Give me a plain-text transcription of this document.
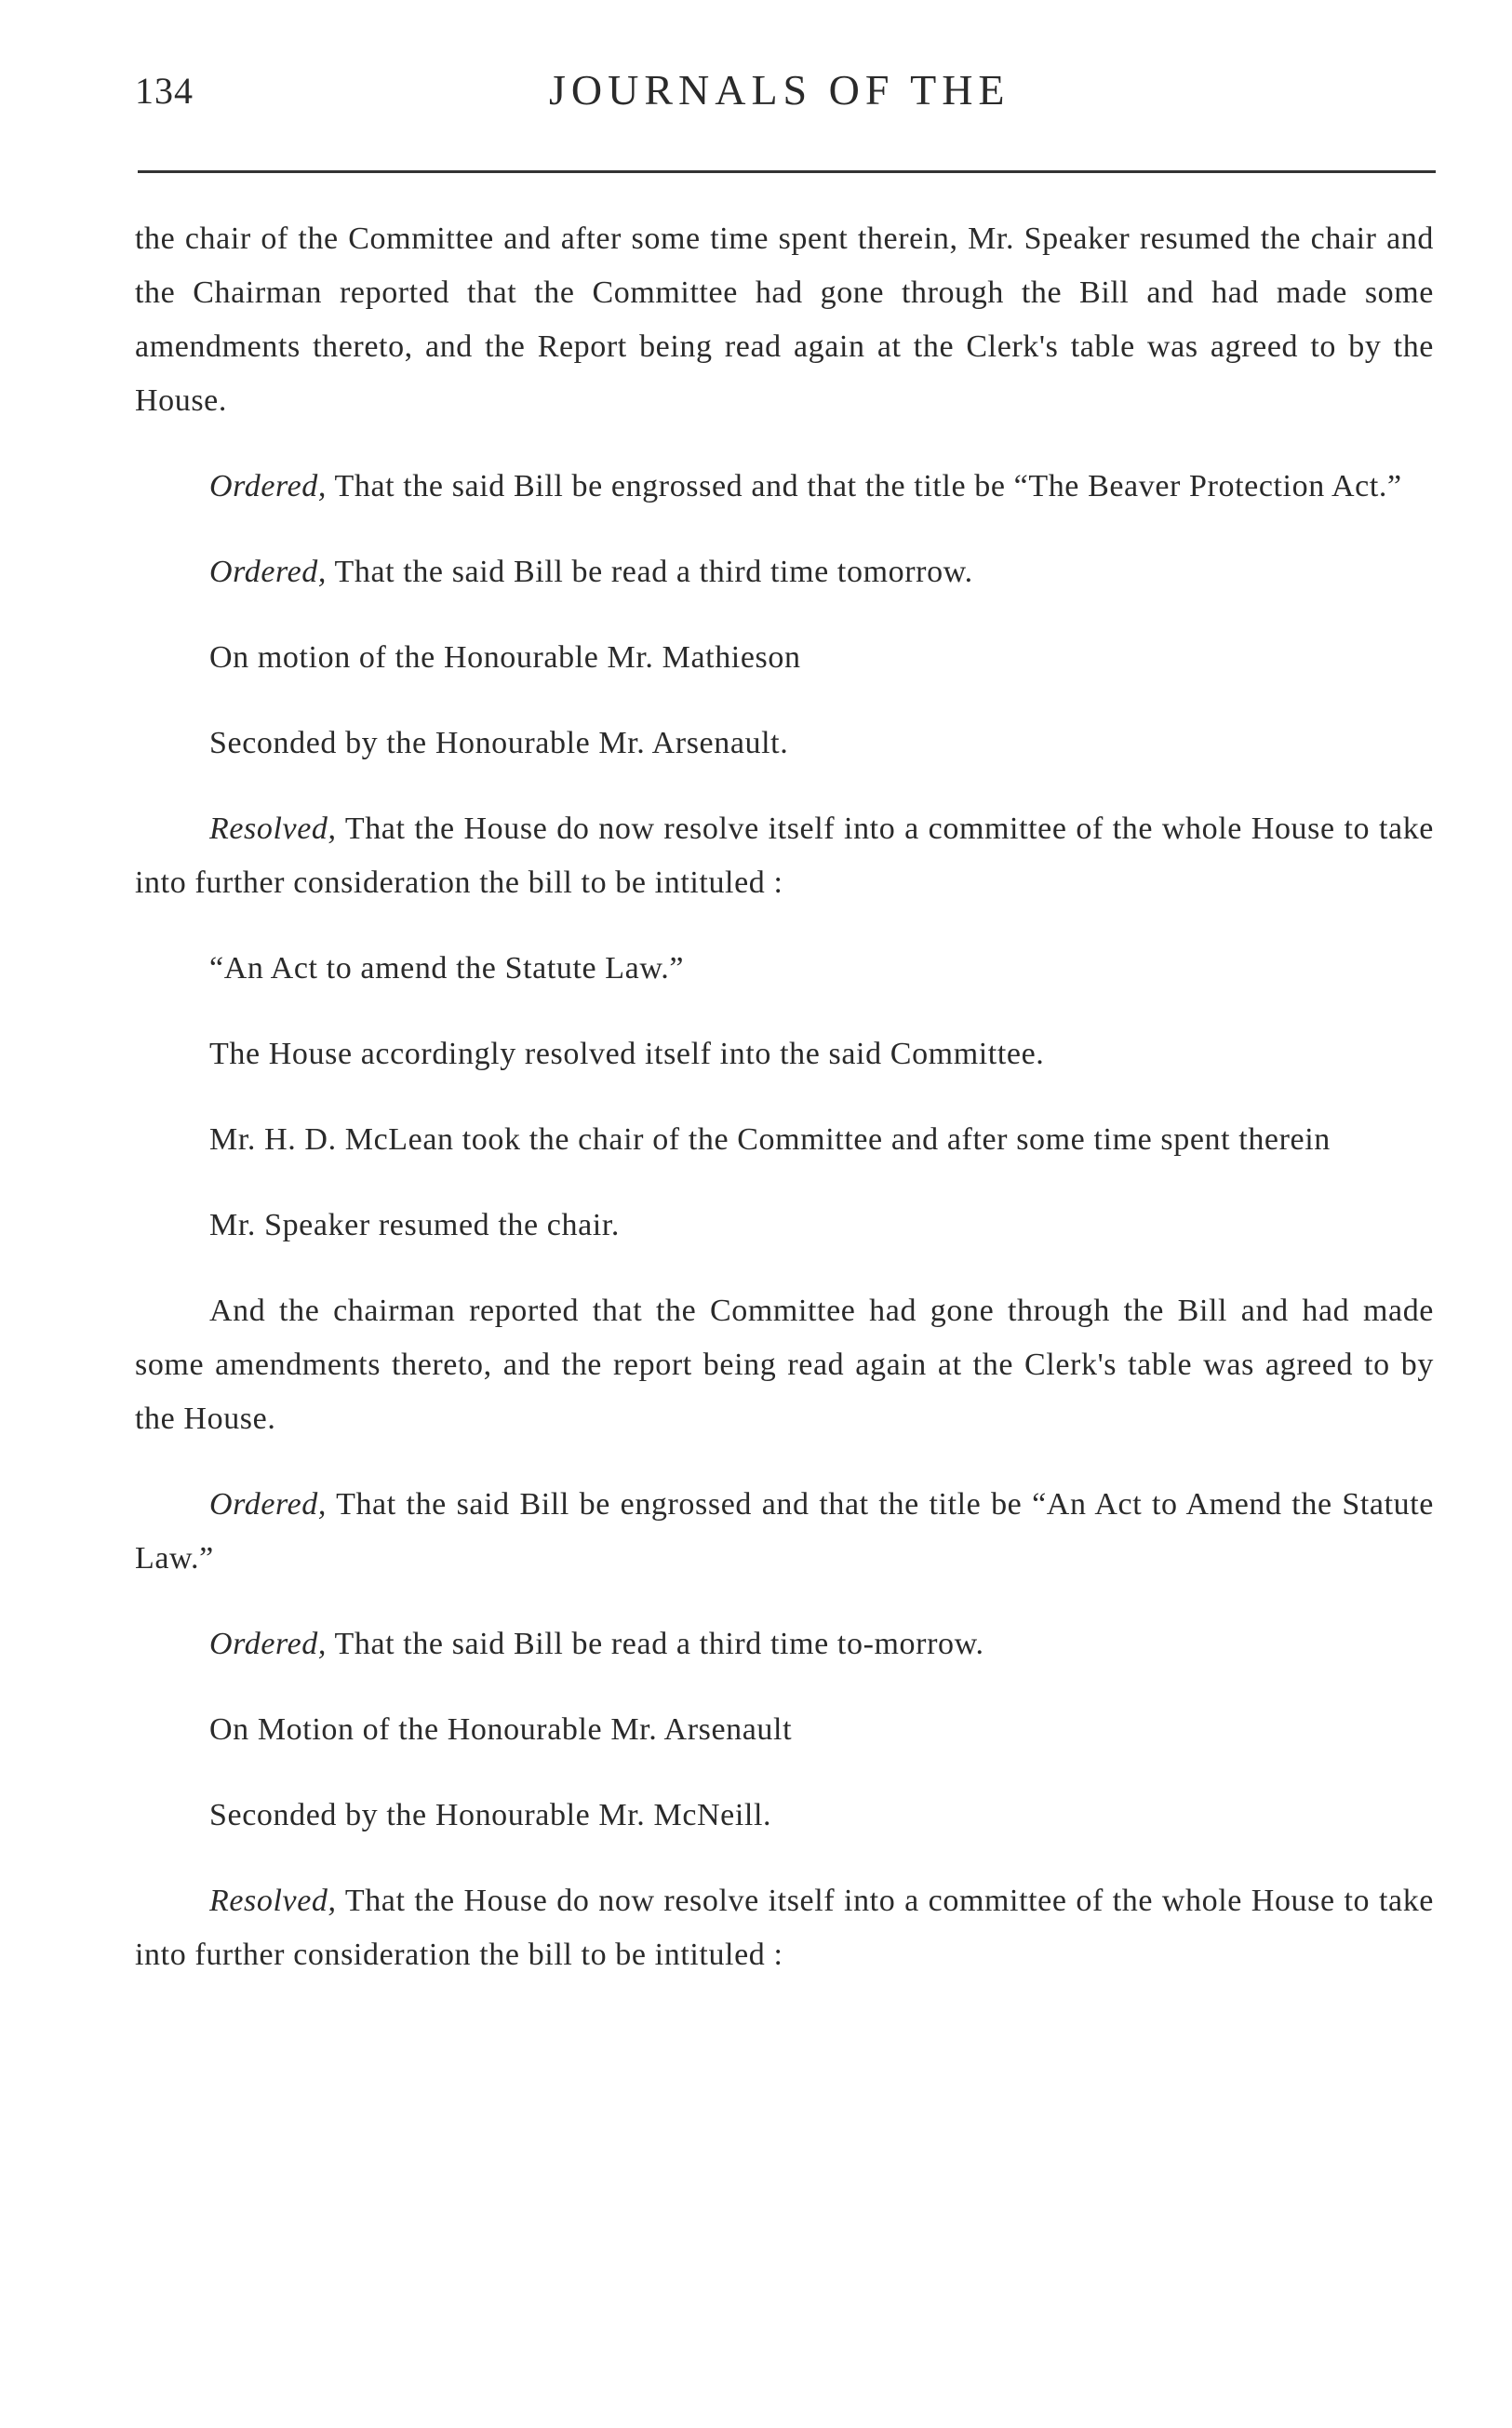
134	JOURNALS OF THE

the chair of the Committee and after some time spent therein, Mr. Speaker resumed the chair and the Chairman reported that the Committee had gone through the Bill and had made some amendments thereto, and the Report being read again at the Clerk's table was agreed to by the House.

Ordered, That the said Bill be engrossed and that the title be “The Beaver Protection Act.”

Ordered, That the said Bill be read a third time tomorrow.

On motion of the Honourable Mr. Mathieson

Seconded by the Honourable Mr. Arsenault.

Resolved, That the House do now resolve itself into a committee of the whole House to take into further consideration the bill to be intituled :

“An Act to amend the Statute Law.”

The House accordingly resolved itself into the said Committee.

Mr. H. D. McLean took the chair of the Committee and after some time spent therein

Mr. Speaker resumed the chair.

And the chairman reported that the Committee had gone through the Bill and had made some amendments thereto, and the report being read again at the Clerk's table was agreed to by the House.

Ordered, That the said Bill be engrossed and that the title be “An Act to Amend the Statute Law.”

Ordered, That the said Bill be read a third time to-morrow.

On Motion of the Honourable Mr. Arsenault

Seconded by the Honourable Mr. McNeill.

Resolved, That the House do now resolve itself into a committee of the whole House to take into further consideration the bill to be intituled :
